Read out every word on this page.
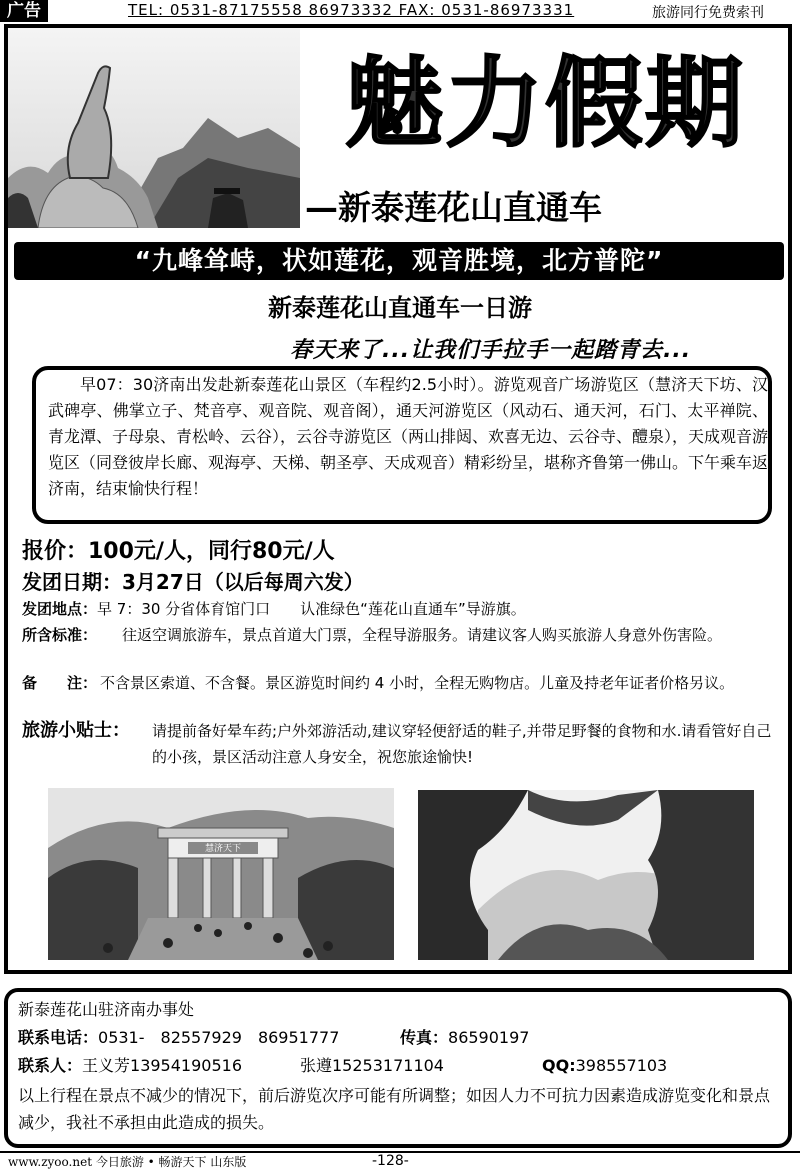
广告	TEL: 0531-87175558 86973332 FAX: 0531-86973331	旅游同行免费索刊
魅力假期
—新泰莲花山直通车
“九峰耸峙，状如莲花，观音胜境，北方普陀”
新泰莲花山直通车一日游
春天来了...让我们手拉手一起踏青去...
早07：30济南出发赴新泰莲花山景区（车程约2.5小时）。游览观音广场游览区（慧济天下坊、汉武碑亭、佛掌立子、梵音亭、观音院、观音阁），通天河游览区（风动石、通天河，石门、太平禅院、青龙潭、子母泉、青松岭、云谷），云谷寺游览区（两山排闼、欢喜无边、云谷寺、醴泉），天成观音游览区（同登彼岸长廊、观海亭、天梯、朝圣亭、天成观音）精彩纷呈，堪称齐鲁第一佛山。下午乘车返济南，结束愉快行程！
报价：100元/人，同行80元/人
发团日期：3月27日（以后每周六发）
发团地点：早 7：30 分省体育馆门口　　认准绿色“莲花山直通车”导游旗。
所含标准： 往返空调旅游车，景点首道大门票，全程导游服务。请建议客人购买旅游人身意外伤害险。
备　　注： 不含景区索道、不含餐。景区游览时间约 4 小时，全程无购物店。儿童及持老年证者价格另议。
旅游小贴士： 请提前备好晕车药;户外郊游活动,建议穿轻便舒适的鞋子,并带足野餐的食物和水.请看管好自己的小孩，景区活动注意人身安全，祝您旅途愉快!
慧济天下
新泰莲花山驻济南办事处
联系电话：0531-　82557929　86951777	传真：86590197
联系人：王义芳13954190516	张遵15253171104	QQ:398557103
以上行程在景点不减少的情况下，前后游览次序可能有所调整；如因人力不可抗力因素造成游览变化和景点减少，我社不承担由此造成的损失。
www.zyoo.net 今日旅游 • 畅游天下 山东版	-128-
